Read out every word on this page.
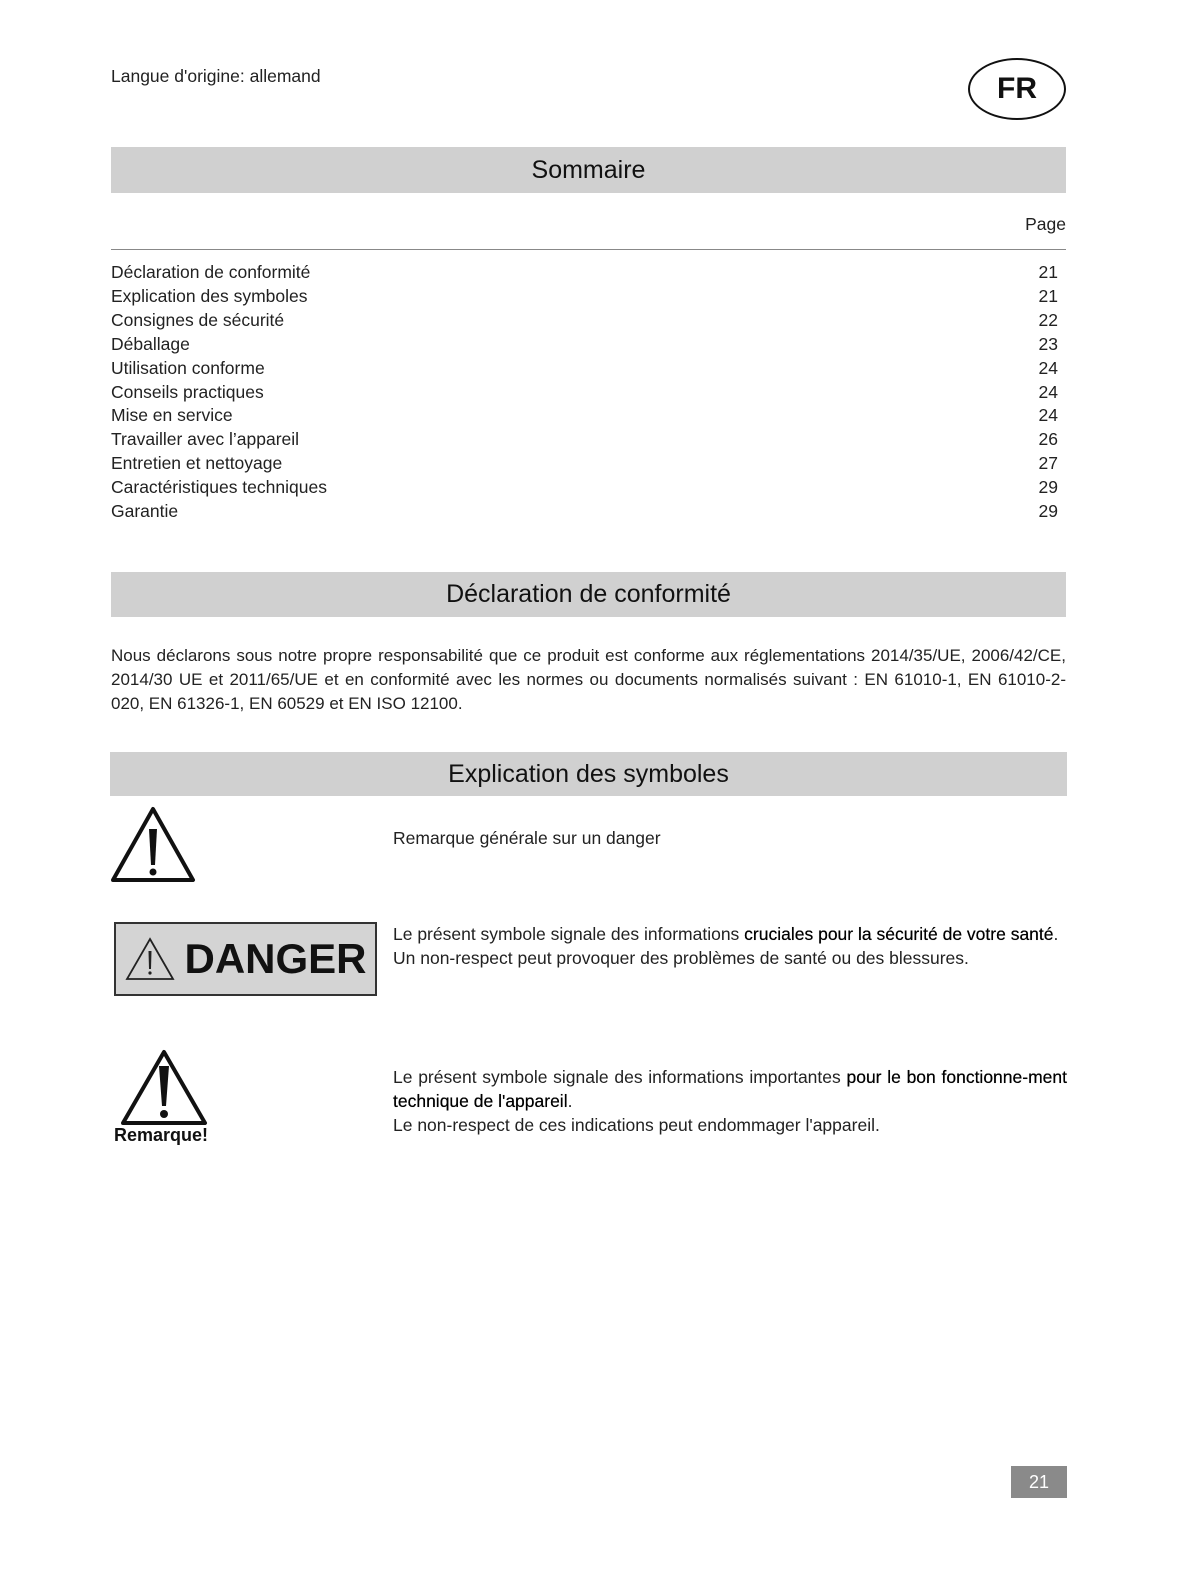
Langue d'origine: allemand	FR
Sommaire
Page
Déclaration de conformité	21
Explication des symboles	21
Consignes de sécurité	22
Déballage	23
Utilisation conforme	24
Conseils practiques	24
Mise en service	24
Travailler avec l’appareil	26
Entretien et nettoyage	27
Caractéristiques techniques	29
Garantie	29
Déclaration de conformité
Nous déclarons sous notre propre responsabilité que ce produit est conforme aux réglementations 2014/35/UE, 2006/42/CE, 2014/30 UE et 2011/65/UE et en conformité avec les normes ou documents normalisés suivant : EN 61010-1, EN 61010-2-020, EN 61326-1, EN 60529 et EN ISO 12100.
Explication des symboles
Remarque générale sur un danger
DANGER
Le présent symbole signale des informations cruciales pour la sécurité de votre santé.
Un non-respect peut provoquer des problèmes de santé ou des blessures.
Remarque!
Le présent symbole signale des informations importantes pour le bon fonctionne-ment technique de l'appareil.
Le non-respect de ces indications peut endommager l'appareil.
21
